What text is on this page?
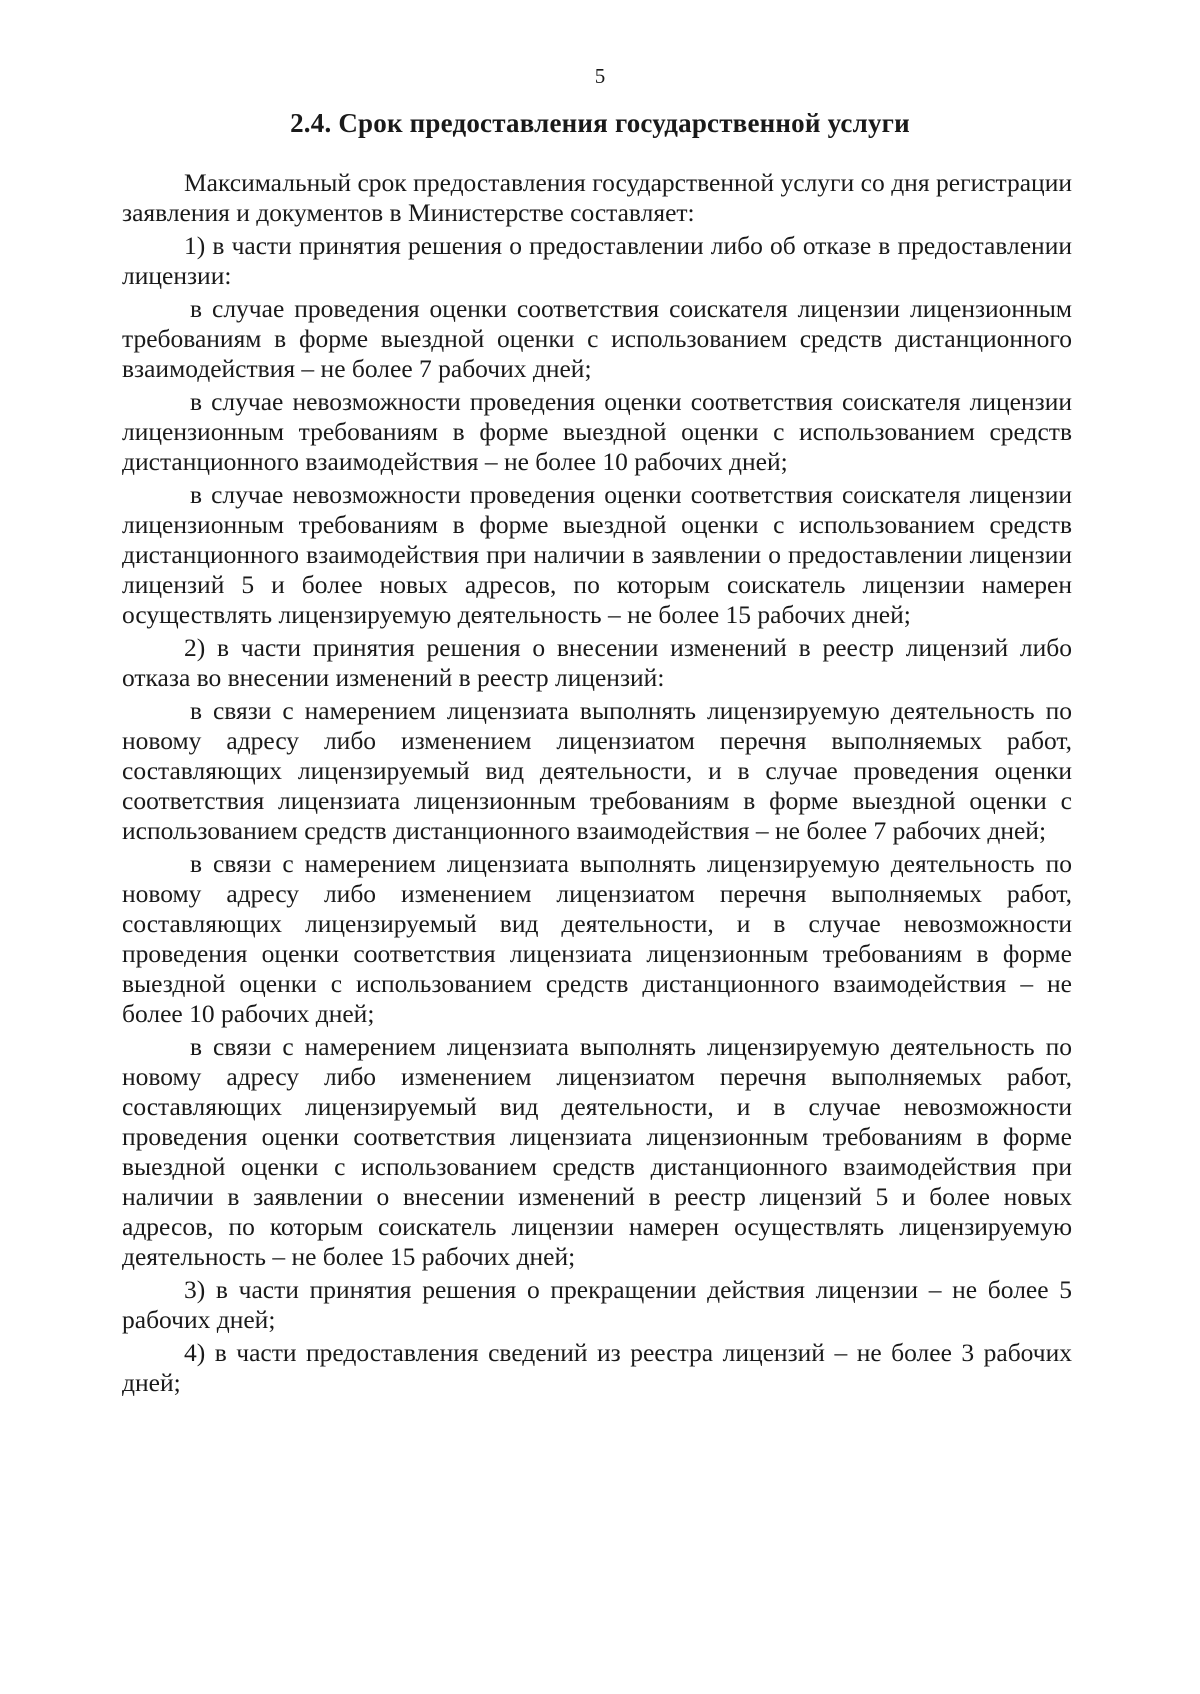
5
2.4. Срок предоставления государственной услуги

Максимальный срок предоставления государственной услуги со дня регистрации заявления и документов в Министерстве составляет:

1) в части принятия решения о предоставлении либо об отказе в предоставлении лицензии:

в случае проведения оценки соответствия соискателя лицензии лицензионным требованиям в форме выездной оценки с использованием средств дистанционного взаимодействия – не более 7 рабочих дней;

в случае невозможности проведения оценки соответствия соискателя лицензии лицензионным требованиям в форме выездной оценки с использованием средств дистанционного взаимодействия – не более 10 рабочих дней;

в случае невозможности проведения оценки соответствия соискателя лицензии лицензионным требованиям в форме выездной оценки с использованием средств дистанционного взаимодействия при наличии в заявлении о предоставлении лицензии лицензий 5 и более новых адресов, по которым соискатель лицензии намерен осуществлять лицензируемую деятельность – не более 15 рабочих дней;

2) в части принятия решения о внесении изменений в реестр лицензий либо отказа во внесении изменений в реестр лицензий:

в связи с намерением лицензиата выполнять лицензируемую деятельность по новому адресу либо изменением лицензиатом перечня выполняемых работ, составляющих лицензируемый вид деятельности, и в случае проведения оценки соответствия лицензиата лицензионным требованиям в форме выездной оценки с использованием средств дистанционного взаимодействия – не более 7 рабочих дней;

в связи с намерением лицензиата выполнять лицензируемую деятельность по новому адресу либо изменением лицензиатом перечня выполняемых работ, составляющих лицензируемый вид деятельности, и в случае невозможности проведения оценки соответствия лицензиата лицензионным требованиям в форме выездной оценки с использованием средств дистанционного взаимодействия – не более 10 рабочих дней;

в связи с намерением лицензиата выполнять лицензируемую деятельность по новому адресу либо изменением лицензиатом перечня выполняемых работ, составляющих лицензируемый вид деятельности, и в случае невозможности проведения оценки соответствия лицензиата лицензионным требованиям в форме выездной оценки с использованием средств дистанционного взаимодействия при наличии в заявлении о внесении изменений в реестр лицензий 5 и более новых адресов, по которым соискатель лицензии намерен осуществлять лицензируемую деятельность – не более 15 рабочих дней;

3) в части принятия решения о прекращении действия лицензии – не более 5 рабочих дней;

4) в части предоставления сведений из реестра лицензий – не более 3 рабочих дней;
